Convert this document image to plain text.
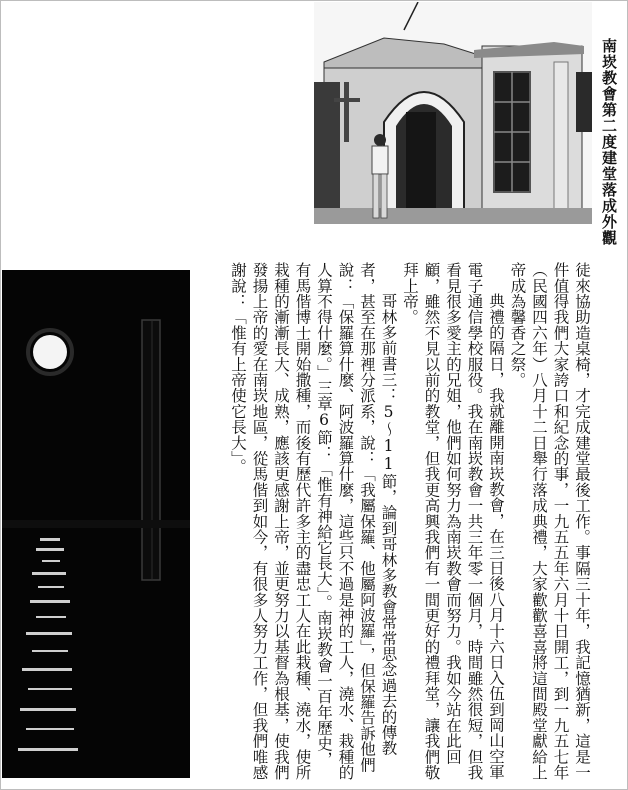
南崁教會第二度建堂落成外觀

徒來協助造桌椅，才完成建堂最後工作。事隔三十年，我記憶猶新，這是一件值得我們大家誇口和紀念的事，一九五五年六月十日開工，到一九五七年（民國四六年）八月十二日舉行落成典禮，大家歡歡喜喜將這間殿堂獻給上帝成為馨香之祭。

典禮的隔日，我就離開南崁教會，在三日後八月十六日入伍到岡山空軍電子通信學校服役。我在南崁教會一共三年零一個月，時間雖然很短，但我看見很多愛主的兄姐，他們如何努力為南崁教會而努力。我如今站在此回顧，雖然不見以前的教堂，但我更高興我們有一間更好的禮拜堂，讓我們敬拜上帝。

哥林多前書三：5～11節，論到哥林多教會常常思念過去的傳教者，甚至在那裡分派系，說：「我屬保羅、他屬阿波羅」，但保羅告訴他們說：「保羅算什麼、阿波羅算什麼，這些只不過是神的工人，澆水、栽種的人算不得什麼。」三章6節：「惟有神給它長大」。南崁教會一百年歷史，有馬偕博士開始撒種，而後有歷代許多主的盡忠工人在此栽種、澆水，使所栽種的漸漸長大、成熟，應該更感謝上帝，並更努力以基督為根基，使我們發揚上帝的愛在南崁地區，從馬偕到如今，有很多人努力工作，但我們唯感謝說：「惟有上帝使它長大」。
